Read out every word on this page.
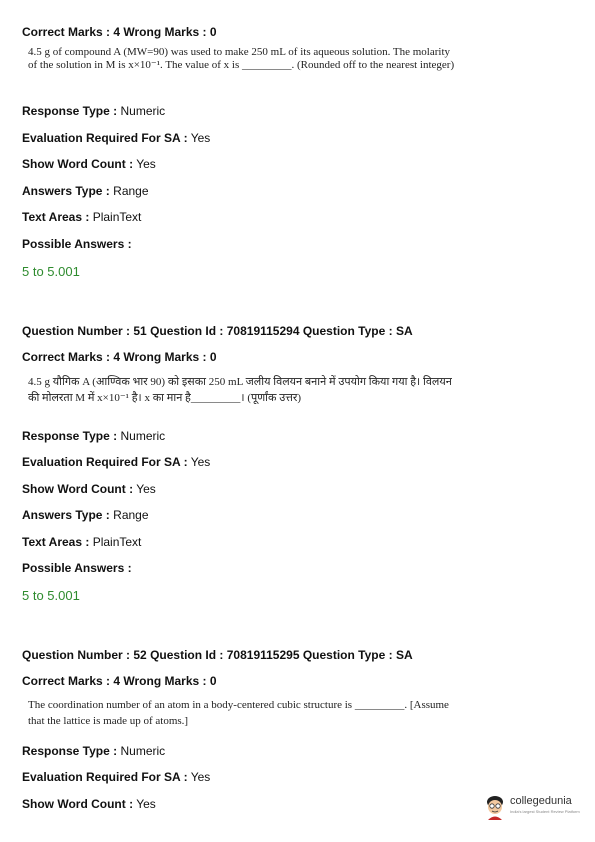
Correct Marks : 4 Wrong Marks : 0
4.5 g of compound A (MW=90) was used to make 250 mL of its aqueous solution. The molarity of the solution in M is x×10⁻¹. The value of x is _________. (Rounded off to the nearest integer)
Response Type : Numeric
Evaluation Required For SA : Yes
Show Word Count : Yes
Answers Type : Range
Text Areas : PlainText
Possible Answers :
5 to 5.001
Question Number : 51 Question Id : 70819115294 Question Type : SA
Correct Marks : 4 Wrong Marks : 0
4.5 g यौगिक A (आण्विक भार 90) को इसका 250 mL जलीय विलयन बनाने में उपयोग किया गया है। विलयन की मोलरता M में x×10⁻¹ है। x का मान है_________। (पूर्णांक उत्तर)
Response Type : Numeric
Evaluation Required For SA : Yes
Show Word Count : Yes
Answers Type : Range
Text Areas : PlainText
Possible Answers :
5 to 5.001
Question Number : 52 Question Id : 70819115295 Question Type : SA
Correct Marks : 4 Wrong Marks : 0
The coordination number of an atom in a body-centered cubic structure is _________. [Assume that the lattice is made up of atoms.]
Response Type : Numeric
Evaluation Required For SA : Yes
Show Word Count : Yes	collegedunia
India's largest Student Review Platform
